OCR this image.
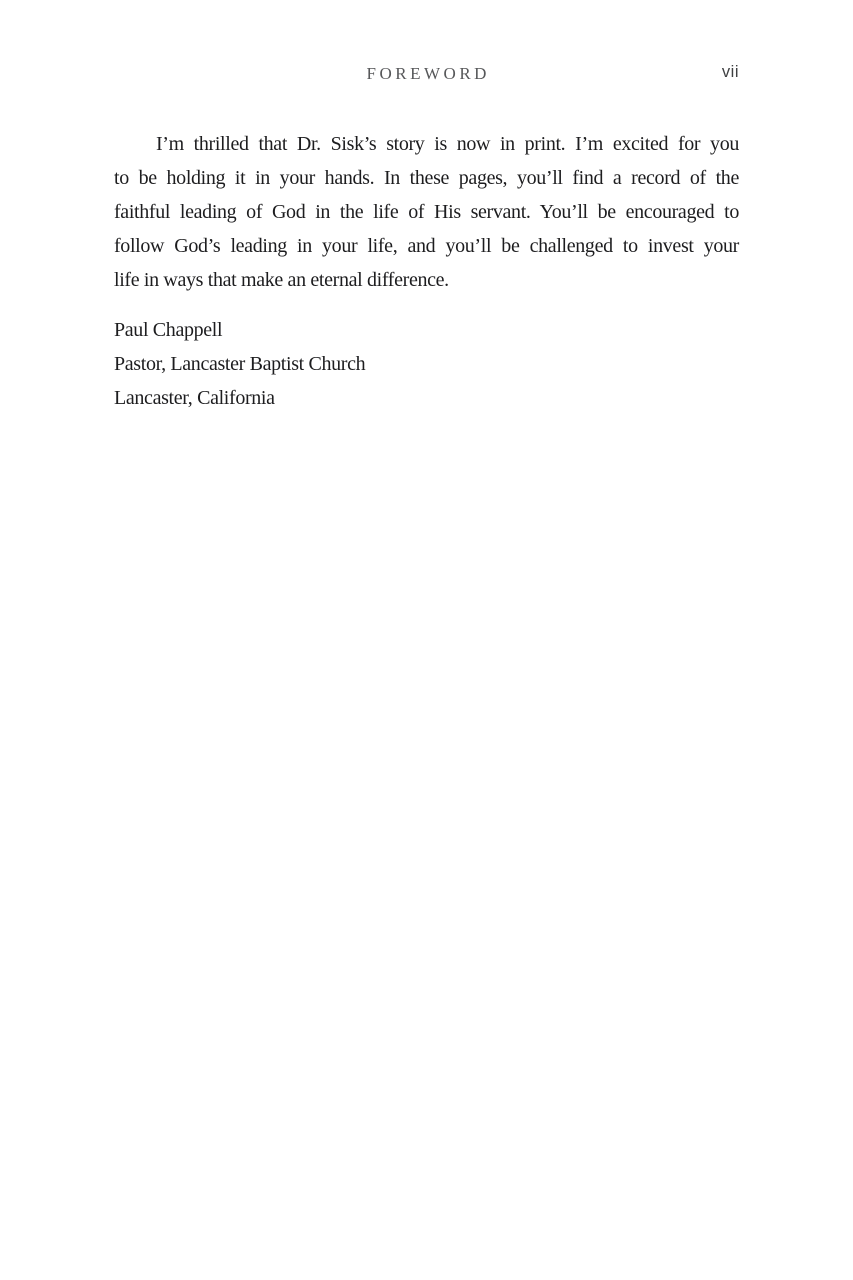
FOREWORD	vii
I’m thrilled that Dr. Sisk’s story is now in print. I’m excited for you
to be holding it in your hands. In these pages, you’ll find a record of the
faithful leading of God in the life of His servant. You’ll be encouraged to
follow God’s leading in your life, and you’ll be challenged to invest your
life in ways that make an eternal difference.
Paul Chappell
Pastor, Lancaster Baptist Church
Lancaster, California
